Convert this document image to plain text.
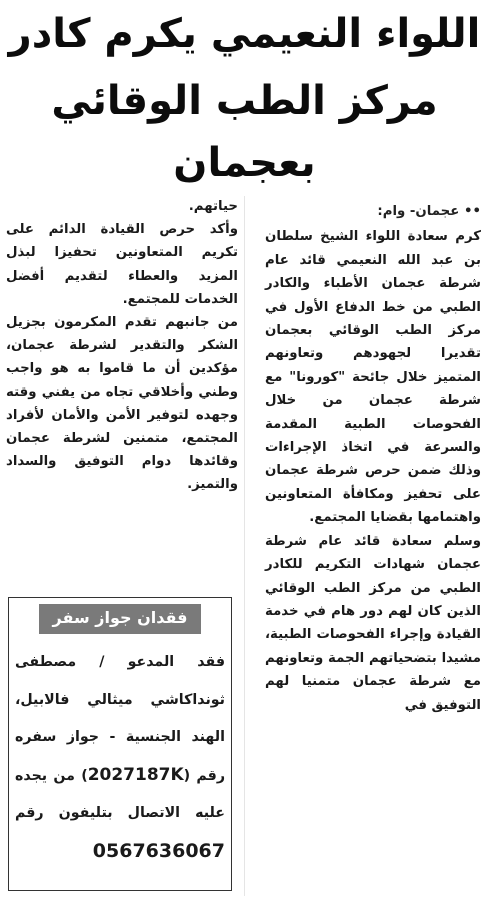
اللواء النعيمي يكرم كادر
مركز الطب الوقائي بعجمان
•• عجمان- وام:

كرم سعادة اللواء الشيخ سلطان بن عبد الله النعيمي قائد عام شرطة عجمان الأطباء والكادر الطبي من خط الدفاع الأول في مركز الطب الوقائي بعجمان تقديرا لجهودهم وتعاونهم المتميز خلال جائحة "كورونا" مع شرطة عجمان من خلال الفحوصات الطبية المقدمة والسرعة في اتخاذ الإجراءات وذلك ضمن حرص شرطة عجمان على تحفيز ومكافأة المتعاونين واهتمامها بقضايا المجتمع.

وسلم سعادة قائد عام شرطة عجمان شهادات التكريم للكادر الطبي من مركز الطب الوقائي الذين كان لهم دور هام في خدمة القيادة وإجراء الفحوصات الطبية، مشيدا بتضحياتهم الجمة وتعاونهم مع شرطة عجمان متمنيا لهم التوفيق في

حياتهم.

وأكد حرص القيادة الدائم على تكريم المتعاونين تحفيزا لبذل المزيد والعطاء لتقديم أفضل الخدمات للمجتمع.

من جانبهم تقدم المكرمون بجزيل الشكر والتقدير لشرطة عجمان، مؤكدين أن ما قاموا به هو واجب وطني وأخلاقي تجاه من يفني وقته وجهده لتوفير الأمن والأمان لأفراد المجتمع، متمنين لشرطة عجمان وقائدها دوام التوفيق والسداد والتميز.

فقدان جواز سفر
فقد المدعو / مصطفى ثونداكاشي ميثالي فالابيل، الهند الجنسية - جواز سفره رقم (2027187K) من يجده عليه الاتصال بتليفون رقم 0567636067
